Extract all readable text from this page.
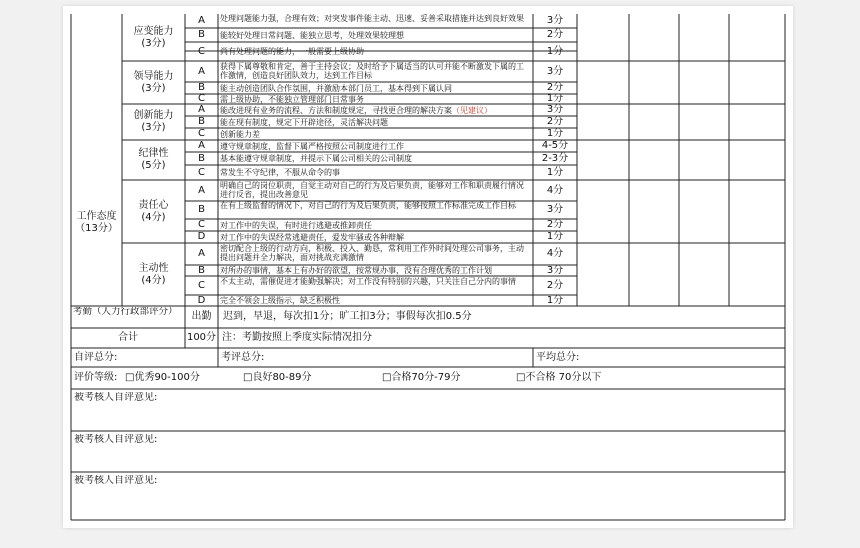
应变能力
(3分)
A	处理问题能力强，合理有效；对突发事件能主动、迅速、妥善采取措施并达到良好效果	3分
B	能较好处理日常问题、能独立思考，处理效果较理想	2分
C	尚有处理问题的能力，一般需要上级协助	1分
领导能力
(3分)
A	获得下属尊敬和肯定，善于主持会议；及时给予下属适当的认可并能不断激发下属的工作激情，创造良好团队效力，达到工作目标	3分
B	能主动创造团队合作氛围，并激励本部门员工，基本得到下属认同	2分
C	需上级协助，不能独立管理部门日常事务	1分
创新能力
(3分)
A	能改进现有业务的流程、方法和制度规定，寻找更合理的解决方案 （见建议）	3分
B	能在现有制度，规定下开辟途径，灵活解决问题	2分
C	创新能力差	1分
工作态度
（13分）
纪律性
(5分)
A	遵守规章制度，监督下属严格按照公司制度进行工作	4-5分
B	基本能遵守规章制度，并提示下属公司相关的公司制度	2-3分
C	常发生不守纪律，不服从命令的事	1分
责任心
(4分)
A	明确自己的岗位职责，自觉主动对自己的行为及后果负责，能够对工作和职责履行情况进行反省，提出改善意见	4分
B	在有上级监督的情况下，对自己的行为及后果负责，能够按照工作标准完成工作目标	3分
C	对工作中的失误，有时进行逃避或推卸责任	2分
D	对工作中的失误经常逃避责任，爱发牢骚或各种辩解	1分
主动性
(4分)
A	密切配合上级的行动方向，积极、投入、勤恳，常利用工作外时间处理公司事务，主动提出问题并全力解决，面对挑战充满激情	4分
B	对所办的事情，基本上有办好的欲望，按常规办事，没有合理优秀的工作计划	3分
C	不太主动，需催促进才能勤强解决；对工作没有特别的兴趣，只关注自己分内的事情	2分
D	完全不领会上级指示，缺乏积极性	1分
考勤（人力行政部评分）	出勤	迟到，早退，每次扣1分；旷工扣3分；事假每次扣0.5分
合计	100分 注：考勤按照上季度实际情况扣分
自评总分:	考评总分:	平均总分:
评价等级: □优秀90-100分	□良好80-89分	□合格70分-79分	□不合格 70分以下
被考核人自评意见:
被考核人自评意见:
被考核人自评意见:
